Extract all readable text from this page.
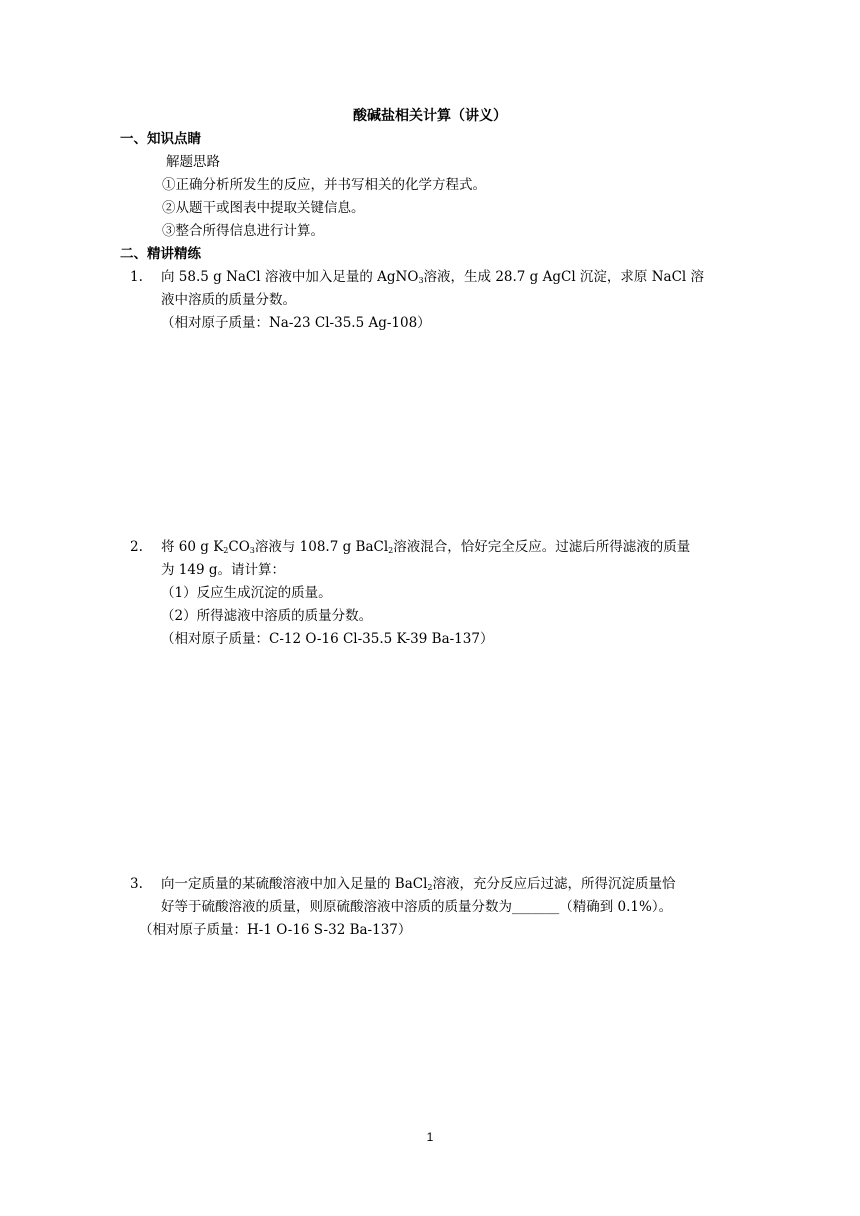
酸碱盐相关计算（讲义）
一、知识点睛
解题思路
①正确分析所发生的反应，并书写相关的化学方程式。
②从题干或图表中提取关键信息。
③整合所得信息进行计算。
二、精讲精练
1. 向 58.5 g NaCl 溶液中加入足量的 AgNO$_3$溶液，生成 28.7 g AgCl 沉淀，求原 NaCl 溶
液中溶质的质量分数。
（相对原子质量：Na-23 Cl-35.5 Ag-108）
2. 将 60 g $K_2CO_3$溶液与 108.7 g BaCl$_2$溶液混合，恰好完全反应。过滤后所得滤液的质量
为 149 g。请计算：
（1）反应生成沉淀的质量。
（2）所得滤液中溶质的质量分数。
（相对原子质量：C-12 O-16 Cl-35.5 K-39 Ba-137）
3. 向一定质量的某硫酸溶液中加入足量的 BaCl$_2$溶液，充分反应后过滤，所得沉淀质量恰
好等于硫酸溶液的质量，则原硫酸溶液中溶质的质量分数为_______（精确到 0.1%）。
（相对原子质量：H-1 O-16 S-32 Ba-137）
1
